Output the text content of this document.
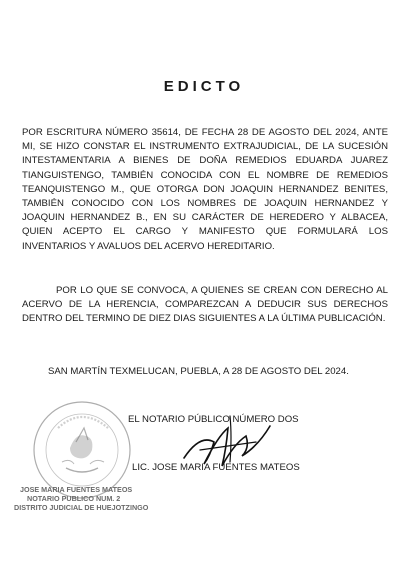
EDICTO
POR ESCRITURA NÚMERO 35614, DE FECHA 28 DE AGOSTO DEL 2024, ANTE MI, SE HIZO CONSTAR EL INSTRUMENTO EXTRAJUDICIAL, DE LA SUCESIÓN INTESTAMENTARIA A BIENES DE DOÑA REMEDIOS EDUARDA JUAREZ TIANGUISTENGO, TAMBIÉN CONOCIDA CON EL NOMBRE DE REMEDIOS TEANQUISTENGO M., QUE OTORGA DON JOAQUIN HERNANDEZ BENITES, TAMBIÉN CONOCIDO CON LOS NOMBRES DE JOAQUIN HERNANDEZ Y JOAQUIN HERNANDEZ B., EN SU CARÁCTER DE HEREDERO Y ALBACEA, QUIEN ACEPTO EL CARGO Y MANIFESTO QUE FORMULARÁ LOS INVENTARIOS Y AVALUOS DEL ACERVO HEREDITARIO.
POR LO QUE SE CONVOCA, A QUIENES SE CREAN CON DERECHO AL ACERVO DE LA HERENCIA, COMPAREZCAN A DEDUCIR SUS DERECHOS DENTRO DEL TERMINO DE DIEZ DIAS SIGUIENTES A LA ÚLTIMA PUBLICACIÓN.
SAN MARTÍN TEXMELUCAN, PUEBLA, A 28 DE AGOSTO DEL 2024.
EL NOTARIO PÚBLICO NÚMERO DOS
LIC. JOSE MARIA FUENTES MATEOS
JOSE MARIA FUENTES MATEOS
NOTARIO PUBLICO NUM. 2
DISTRITO JUDICIAL DE HUEJOTZINGO
